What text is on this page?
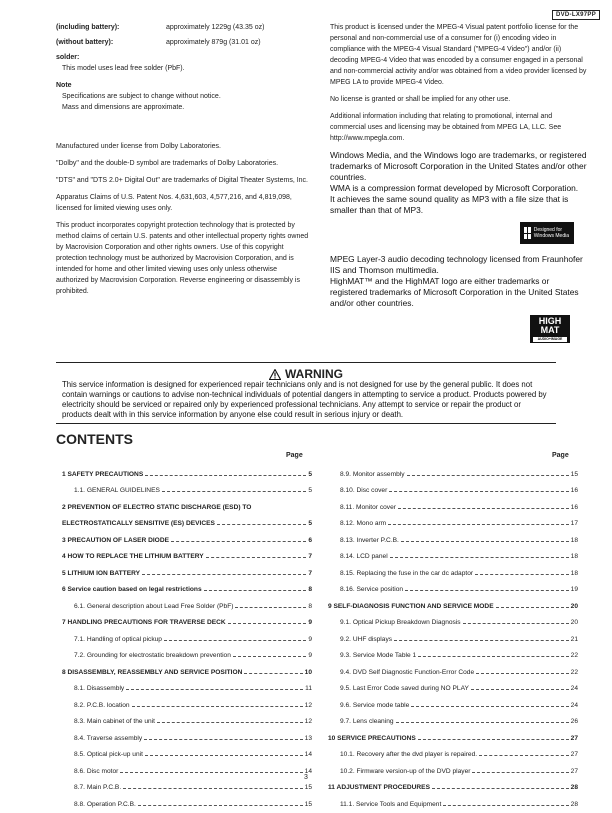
DVD-LX97PP
(including battery):	approximately 1229g (43.35 oz)
(without battery):	approximately 879g (31.01 oz)
solder:
This model uses lead free solder (PbF).
Note
Specifications are subject to change without notice.
Mass and dimensions are approximate.

Manufactured under license from Dolby Laboratories.

"Dolby" and the double-D symbol are trademarks of Dolby Laboratories.

"DTS" and "DTS 2.0+ Digital Out" are trademarks of Digital Theater Systems, Inc.

Apparatus Claims of U.S. Patent Nos. 4,631,603, 4,577,216, and 4,819,098, licensed for limited viewing uses only.

This product incorporates copyright protection technology that is protected by method claims of certain U.S. patents and other intellectual property rights owned by Macrovision Corporation and other rights owners. Use of this copyright protection technology must be authorized by Macrovision Corporation, and is intended for home and other limited viewing uses only unless otherwise authorized by Macrovision Corporation. Reverse engineering or disassembly is prohibited.

This product is licensed under the MPEG-4 Visual patent portfolio license for the personal and non-commercial use of a consumer for (i) encoding video in compliance with the MPEG-4 Visual Standard ("MPEG-4 Video") and/or (ii) decoding MPEG-4 Video that was encoded by a consumer engaged in a personal and non-commercial activity and/or was obtained from a video provider licensed by MPEG LA to provide MPEG-4 Video.

No license is granted or shall be implied for any other use.

Additional information including that relating to promotional, internal and commercial uses and licensing may be obtained from MPEG LA, LLC. See http://www.mpegla.com.

Windows Media, and the Windows logo are trademarks, or registered trademarks of Microsoft Corporation in the United States and/or other countries.
WMA is a compression format developed by Microsoft Corporation.
It achieves the same sound quality as MP3 with a file size that is smaller than that of MP3.
Designed for Windows Media
MPEG Layer-3 audio decoding technology licensed from Fraunhofer IIS and Thomson multimedia.
HighMAT™ and the HighMAT logo are either trademarks or registered trademarks of Microsoft Corporation in the United States and/or other countries.
HIGH
MAT
AUDIO+IMAGE
WARNING
This service information is designed for experienced repair technicians only and is not designed for use by the general public. It does not contain warnings or cautions to advise non-technical individuals of potential dangers in attempting to service a product. Products powered by electricity should be serviced or repaired only by experienced professional technicians. Any attempt to service or repair the product or products dealt with in this service information by anyone else could result in serious injury or death.
CONTENTS
Page	Page
1 SAFETY PRECAUTIONS	5
1.1. GENERAL GUIDELINES	5
2 PREVENTION OF ELECTRO STATIC DISCHARGE (ESD) TO
ELECTROSTATICALLY SENSITIVE (ES) DEVICES	5
3 PRECAUTION OF LASER DIODE	6
4 HOW TO REPLACE THE LITHIUM BATTERY	7
5 LITHIUM ION BATTERY	7
6 Service caution based on legal restrictions	8
6.1. General description about Lead Free Solder (PbF)	8
7 HANDLING PRECAUTIONS FOR TRAVERSE DECK	9
7.1. Handling of optical pickup	9
7.2. Grounding for electrostatic breakdown prevention	9
8 DISASSEMBLY, REASSEMBLY AND SERVICE POSITION	10
8.1. Disassembly	11
8.2. P.C.B. location	12
8.3. Main cabinet of the unit	12
8.4. Traverse assembly	13
8.5. Optical pick-up unit	14
8.6. Disc motor	14
8.7. Main P.C.B.	15
8.8. Operation P.C.B.	15
8.9. Monitor assembly	15
8.10. Disc cover	16
8.11. Monitor cover	16
8.12. Mono arm	17
8.13. Inverter P.C.B.	18
8.14. LCD panel	18
8.15. Replacing the fuse in the car dc adaptor	18
8.16. Service position	19
9 SELF-DIAGNOSIS FUNCTION AND SERVICE MODE	20
9.1. Optical Pickup Breakdown Diagnosis	20
9.2. UHF displays	21
9.3. Service Mode Table 1	22
9.4. DVD Self Diagnostic Function-Error Code	22
9.5. Last Error Code saved during NO PLAY	24
9.6. Service mode table	24
9.7. Lens cleaning	26
10 SERVICE PRECAUTIONS	27
10.1. Recovery after the dvd player is repaired.	27
10.2. Firmware version-up of the DVD player	27
11 ADJUSTMENT PROCEDURES	28
11.1. Service Tools and Equipment	28
3
